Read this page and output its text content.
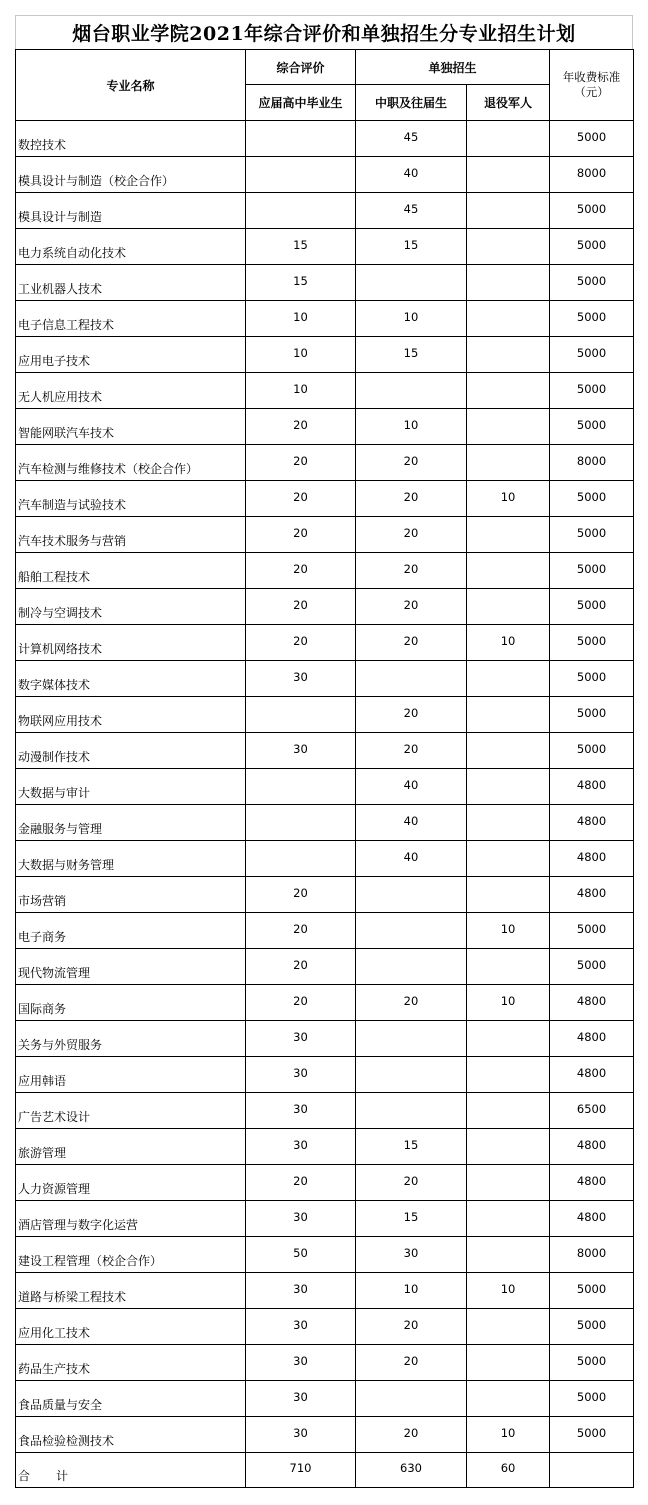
烟台职业学院2021年综合评价和单独招生分专业招生计划
专业名称	综合评价	单独招生		年收费标准
（元）
	应届高中毕业生	中职及往届生	退役军人	
数控技术		45		5000
模具设计与制造（校企合作）		40		8000
模具设计与制造		45		5000
电力系统自动化技术	15	15		5000
工业机器人技术	15			5000
电子信息工程技术	10	10		5000
应用电子技术	10	15		5000
无人机应用技术	10			5000
智能网联汽车技术	20	10		5000
汽车检测与维修技术（校企合作）	20	20		8000
汽车制造与试验技术	20	20	10	5000
汽车技术服务与营销	20	20		5000
船舶工程技术	20	20		5000
制冷与空调技术	20	20		5000
计算机网络技术	20	20	10	5000
数字媒体技术	30			5000
物联网应用技术		20		5000
动漫制作技术	30	20		5000
大数据与审计		40		4800
金融服务与管理		40		4800
大数据与财务管理		40		4800
市场营销	20			4800
电子商务	20		10	5000
现代物流管理	20			5000
国际商务	20	20	10	4800
关务与外贸服务	30			4800
应用韩语	30			4800
广告艺术设计	30			6500
旅游管理	30	15		4800
人力资源管理	20	20		4800
酒店管理与数字化运营	30	15		4800
建设工程管理（校企合作）	50	30		8000
道路与桥梁工程技术	30	10	10	5000
应用化工技术	30	20		5000
药品生产技术	30	20		5000
食品质量与安全	30			5000
食品检验检测技术	30	20	10	5000
合 计	710	630	60	
